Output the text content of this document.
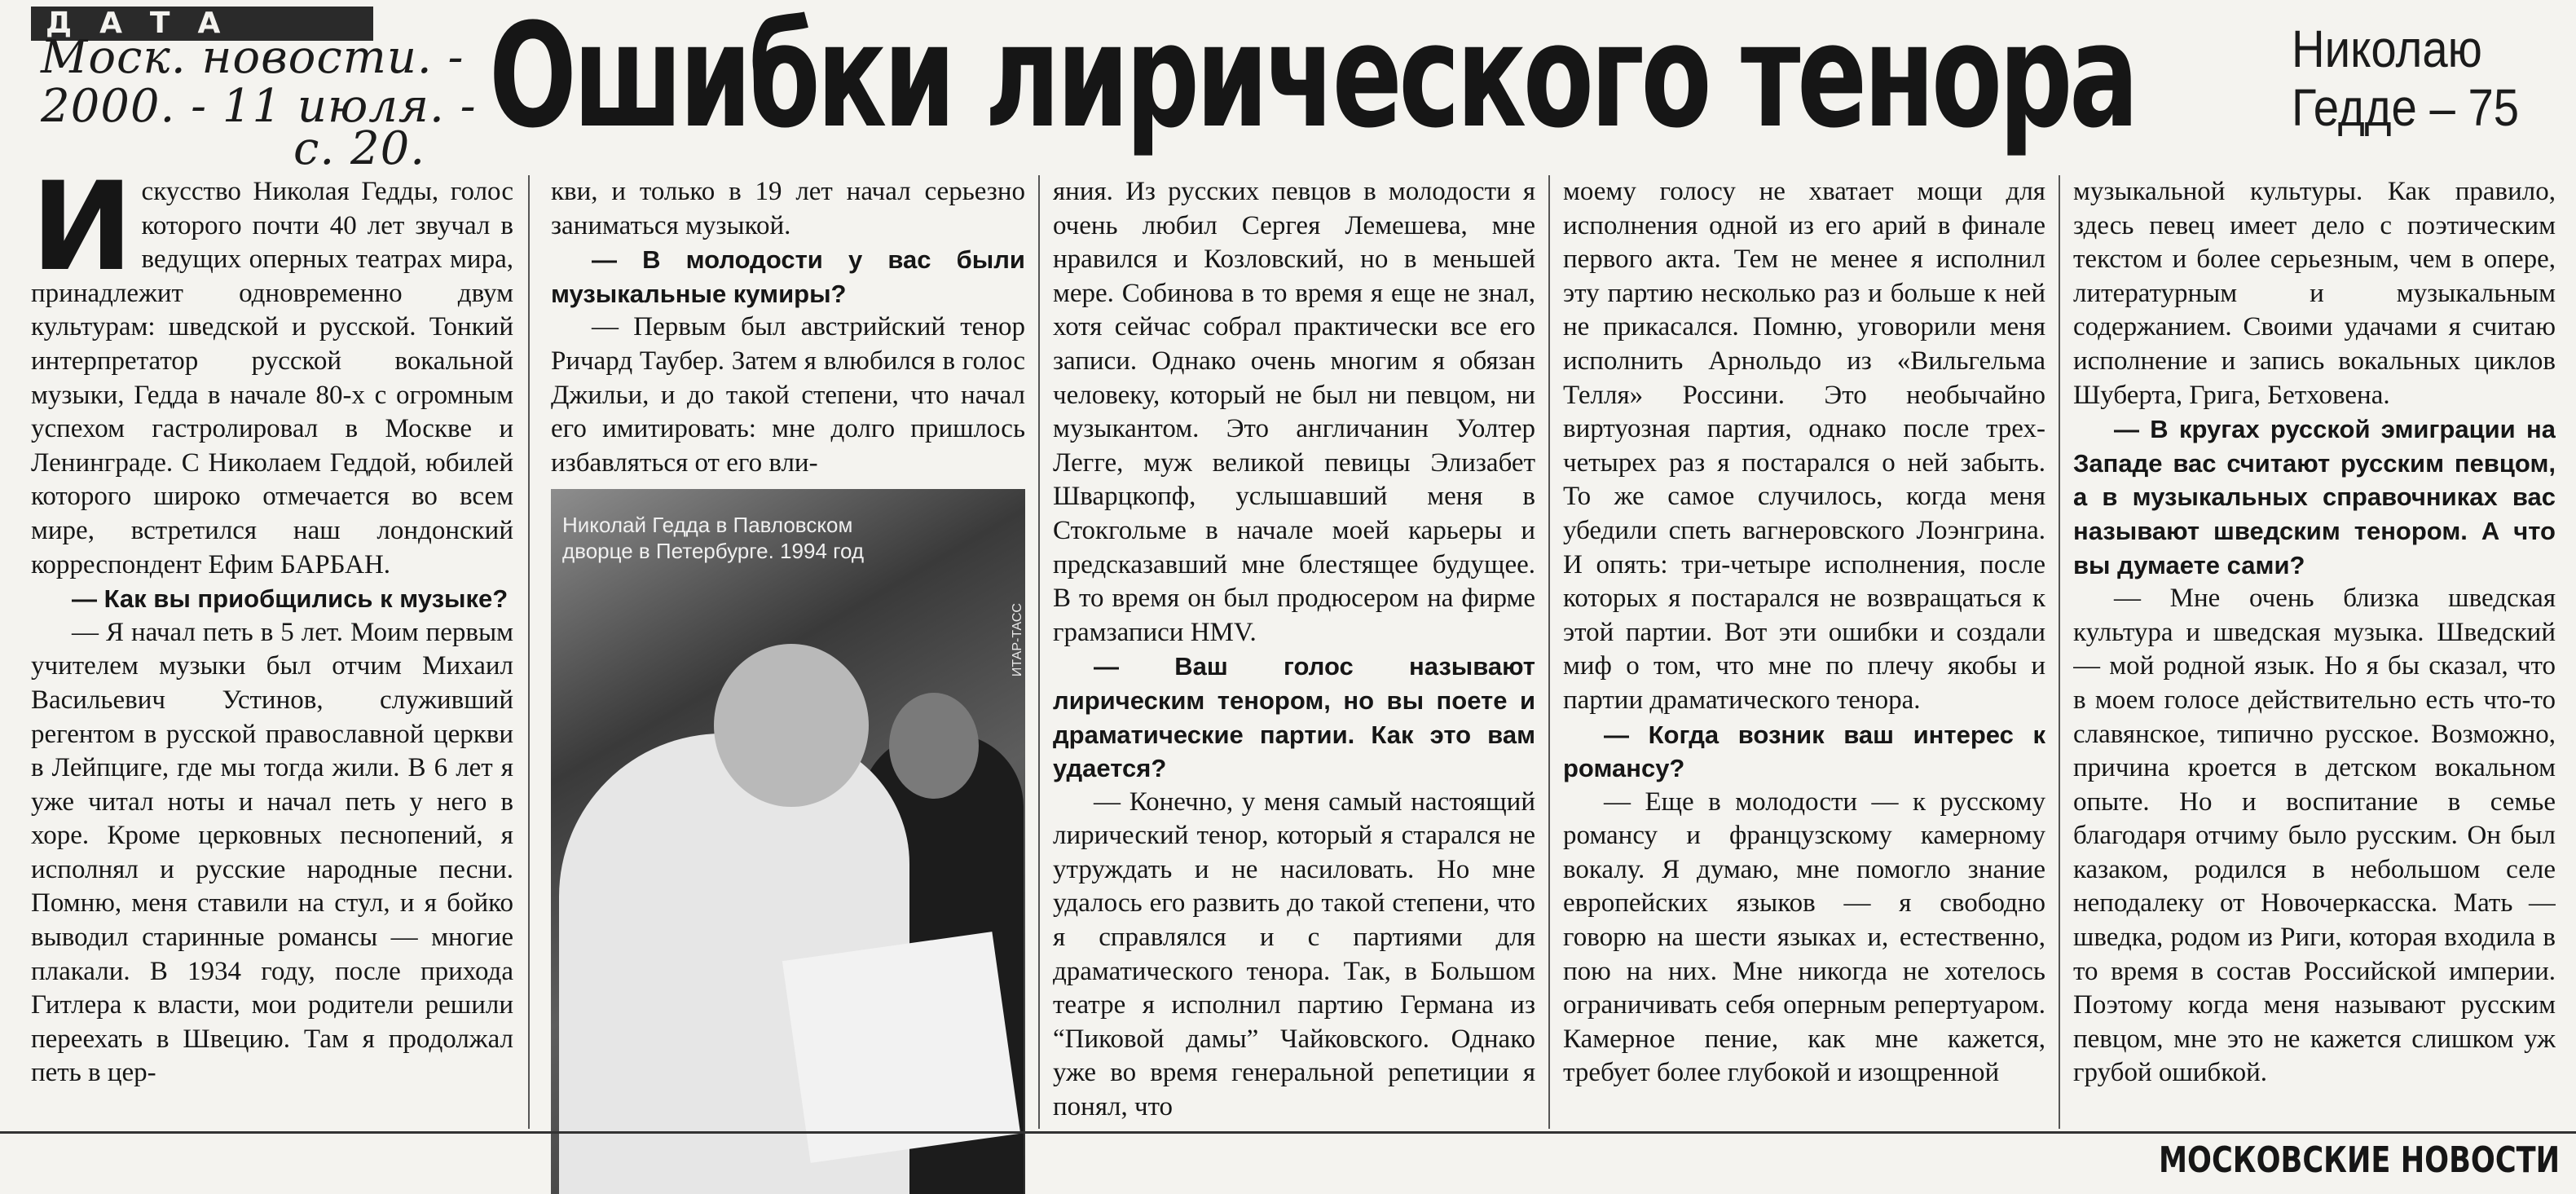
ДАТА
Моск. новости. -
2000. - 11 июля. -
с. 20. Ошибки лирического тенора	Николаю
Гедде – 75
И скусство Николая Гедды, голос которого почти 40 лет звучал в ведущих оперных театрах мира, принадлежит одновременно двум культурам: шведской и русской. Тонкий интерпретатор русской вокальной музыки, Гедда в начале 80-х с огромным успехом гастролировал в Москве и Ленинграде. С Николаем Геддой, юбилей которого широко отмечается во всем мире, встретился наш лондонский корреспондент Ефим БАРБАН.

— Как вы приобщились к музыке?

— Я начал петь в 5 лет. Моим первым учителем музыки был отчим Михаил Васильевич Устинов, служивший регентом в русской православной церкви в Лейпциге, где мы тогда жили. В 6 лет я уже читал ноты и начал петь у него в хоре. Кроме церковных песнопений, я исполнял и русские народные песни. Помню, меня ставили на стул, и я бойко выводил старинные романсы — многие плакали. В 1934 году, после прихода Гитлера к власти, мои родители решили переехать в Швецию. Там я продолжал петь в цер-

кви, и только в 19 лет начал серьезно заниматься музыкой.

— В молодости у вас были музыкальные кумиры?

— Первым был австрийский тенор Ричард Таубер. Затем я влюбился в голос Джильи, и до такой степени, что начал его имитировать: мне долго пришлось избавляться от его вли-

Николай Гедда в Павловском
дворце в Петербурге. 1994 год
ИТАР-ТАСС

яния. Из русских певцов в молодости я очень любил Сергея Лемешева, мне нравился и Козловский, но в меньшей мере. Собинова в то время я еще не знал, хотя сейчас собрал практически все его записи. Однако очень многим я обязан человеку, который не был ни певцом, ни музыкантом. Это англичанин Уолтер Легге, муж великой певицы Элизабет Шварцкопф, услышавший меня в Стокгольме в начале моей карьеры и предсказавший мне блестящее будущее. В то время он был продюсером на фирме грамзаписи HMV.

— Ваш голос называют лирическим тенором, но вы поете и драматические партии. Как это вам удается?

— Конечно, у меня самый настоящий лирический тенор, который я старался не утруждать и не насиловать. Но мне удалось его развить до такой степени, что я справлялся и с партиями для драматического тенора. Так, в Большом театре я исполнил партию Германа из “Пиковой дамы” Чайковского. Однако уже во время генеральной репетиции я понял, что

моему голосу не хватает мощи для исполнения одной из его арий в финале первого акта. Тем не менее я исполнил эту партию несколько раз и больше к ней не прикасался. Помню, уговорили меня исполнить Арнольдо из «Вильгельма Телля» Россини. Это необычайно виртуозная партия, однако после трех-четырех раз я постарался о ней забыть. То же самое случилось, когда меня убедили спеть вагнеровского Лоэнгрина. И опять: три-четыре исполнения, после которых я постарался не возвращаться к этой партии. Вот эти ошибки и создали миф о том, что мне по плечу якобы и партии драматического тенора.

— Когда возник ваш интерес к романсу?

— Еще в молодости — к русскому романсу и французскому камерному вокалу. Я думаю, мне помогло знание европейских языков — я свободно говорю на шести языках и, естественно, пою на них. Мне никогда не хотелось ограничивать себя оперным репертуаром. Камерное пение, как мне кажется, требует более глубокой и изощренной

музыкальной культуры. Как правило, здесь певец имеет дело с поэтическим текстом и более серьезным, чем в опере, литературным и музыкальным содержанием. Своими удачами я считаю исполнение и запись вокальных циклов Шуберта, Грига, Бетховена.

— В кругах русской эмиграции на Западе вас считают русским певцом, а в музыкальных справочниках вас называют шведским тенором. А что вы думаете сами?

— Мне очень близка шведская культура и шведская музыка. Шведский — мой родной язык. Но я бы сказал, что в моем голосе действительно есть что-то славянское, типично русское. Возможно, причина кроется в детском вокальном опыте. Но и воспитание в семье благодаря отчиму было русским. Он был казаком, родился в небольшом селе неподалеку от Новочеркасска. Мать — шведка, родом из Риги, которая входила в то время в состав Российской империи. Поэтому когда меня называют русским певцом, мне это не кажется слишком уж грубой ошибкой.

МОСКОВСКИЕ НОВОСТИ
